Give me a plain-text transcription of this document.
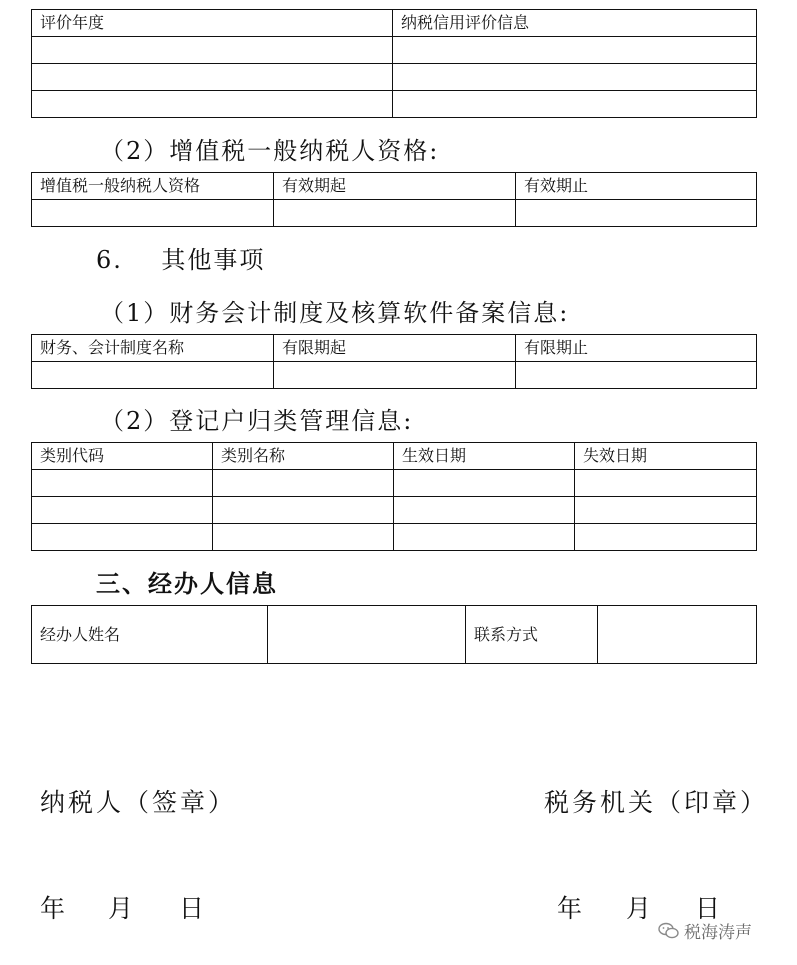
评价年度	纳税信用评价信息

（2）增值税一般纳税人资格:
增值税一般纳税人资格	有效期起	有效期止

6.    其他事项
（1）财务会计制度及核算软件备案信息:
财务、会计制度名称	有限期起	有限期止

（2）登记户归类管理信息:
类别代码	类别名称	生效日期	失效日期

三、经办人信息
经办人姓名		联系方式	
纳税人（签章）	税务机关（印章）
年 月 日	年 月 日
税海涛声
